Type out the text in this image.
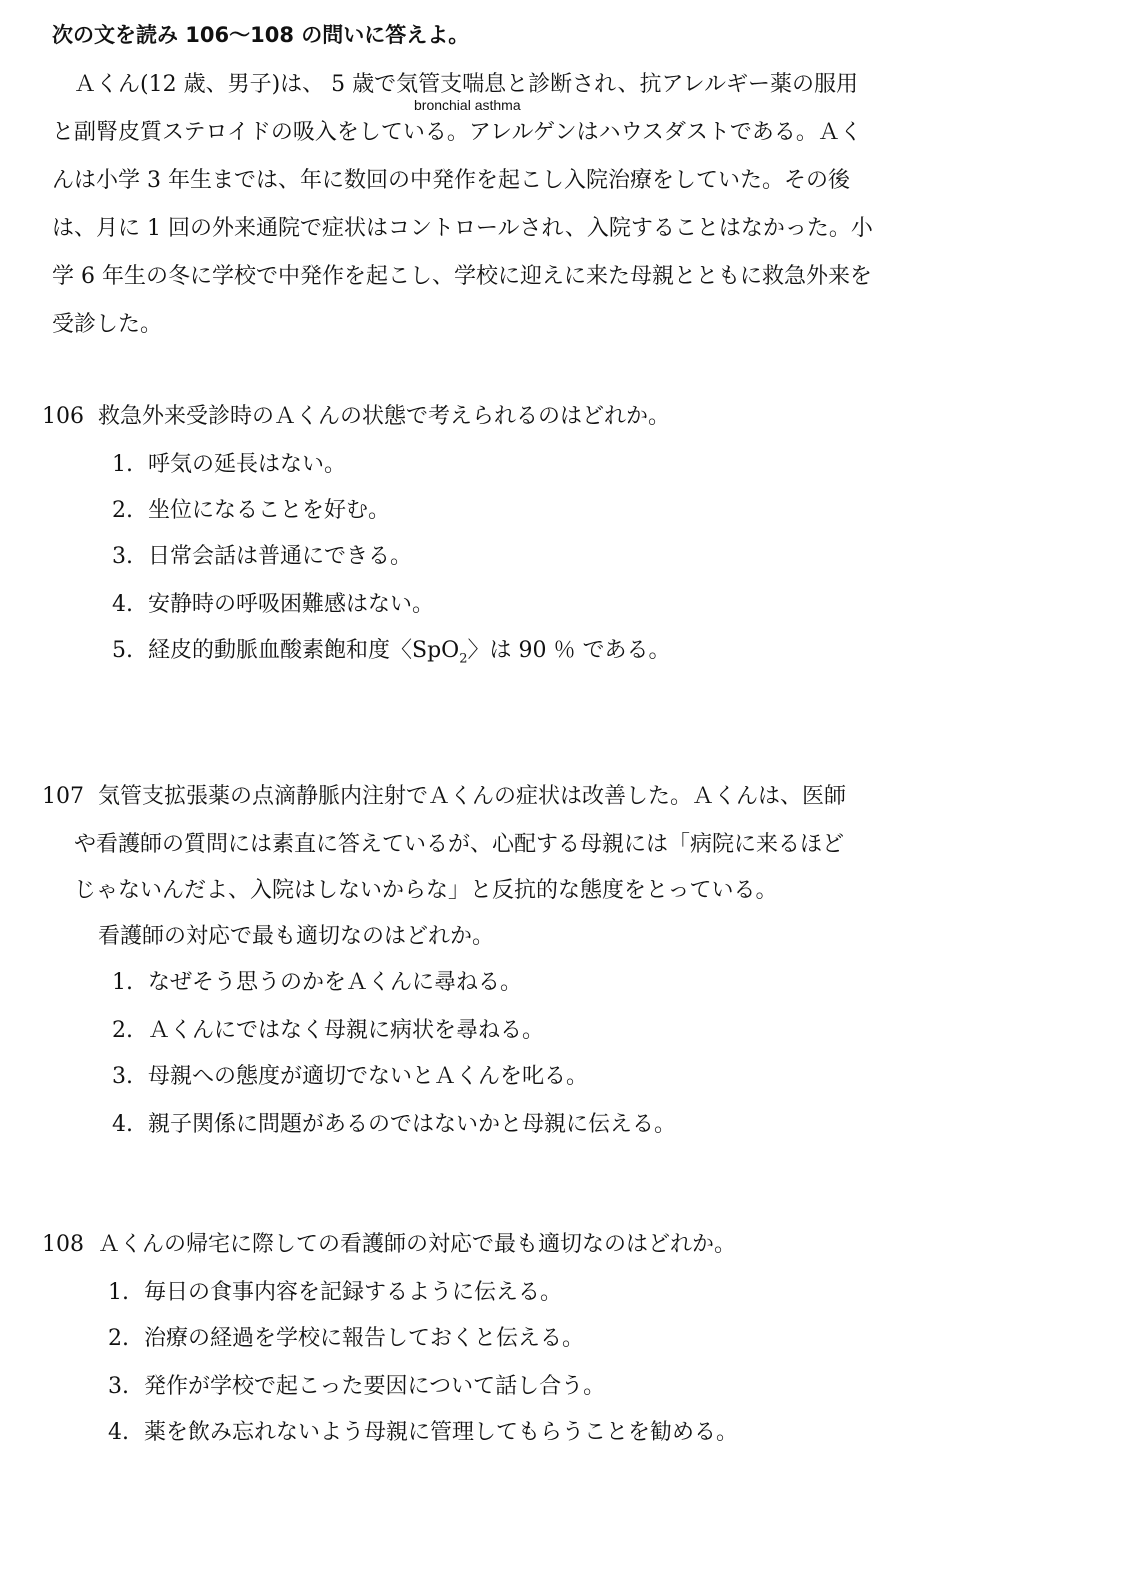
次の文を読み 106〜108 の問いに答えよ。
Ａくん(12 歳、男子)は、 5 歳で気管支喘息と診断され、抗アレルギー薬の服用
bronchial asthma
と副腎皮質ステロイドの吸入をしている。アレルゲンはハウスダストである。Ａく
んは小学 3 年生までは、年に数回の中発作を起こし入院治療をしていた。その後
は、月に 1 回の外来通院で症状はコントロールされ、入院することはなかった。小
学 6 年生の冬に学校で中発作を起こし、学校に迎えに来た母親とともに救急外来を
受診した。
106 救急外来受診時のＡくんの状態で考えられるのはどれか。
1. 呼気の延長はない。
2. 坐位になることを好む。
3. 日常会話は普通にできる。
4. 安静時の呼吸困難感はない。
5. 経皮的動脈血酸素飽和度〈SpO$_2$〉は 90 ％ である。
107 気管支拡張薬の点滴静脈内注射でＡくんの症状は改善した。Ａくんは、医師
や看護師の質問には素直に答えているが、心配する母親には「病院に来るほど
じゃないんだよ、入院はしないからな」と反抗的な態度をとっている。
看護師の対応で最も適切なのはどれか。
1. なぜそう思うのかをＡくんに尋ねる。
2. Ａくんにではなく母親に病状を尋ねる。
3. 母親への態度が適切でないとＡくんを叱る。
4. 親子関係に問題があるのではないかと母親に伝える。
108 Ａくんの帰宅に際しての看護師の対応で最も適切なのはどれか。
1. 毎日の食事内容を記録するように伝える。
2. 治療の経過を学校に報告しておくと伝える。
3. 発作が学校で起こった要因について話し合う。
4. 薬を飲み忘れないよう母親に管理してもらうことを勧める。
